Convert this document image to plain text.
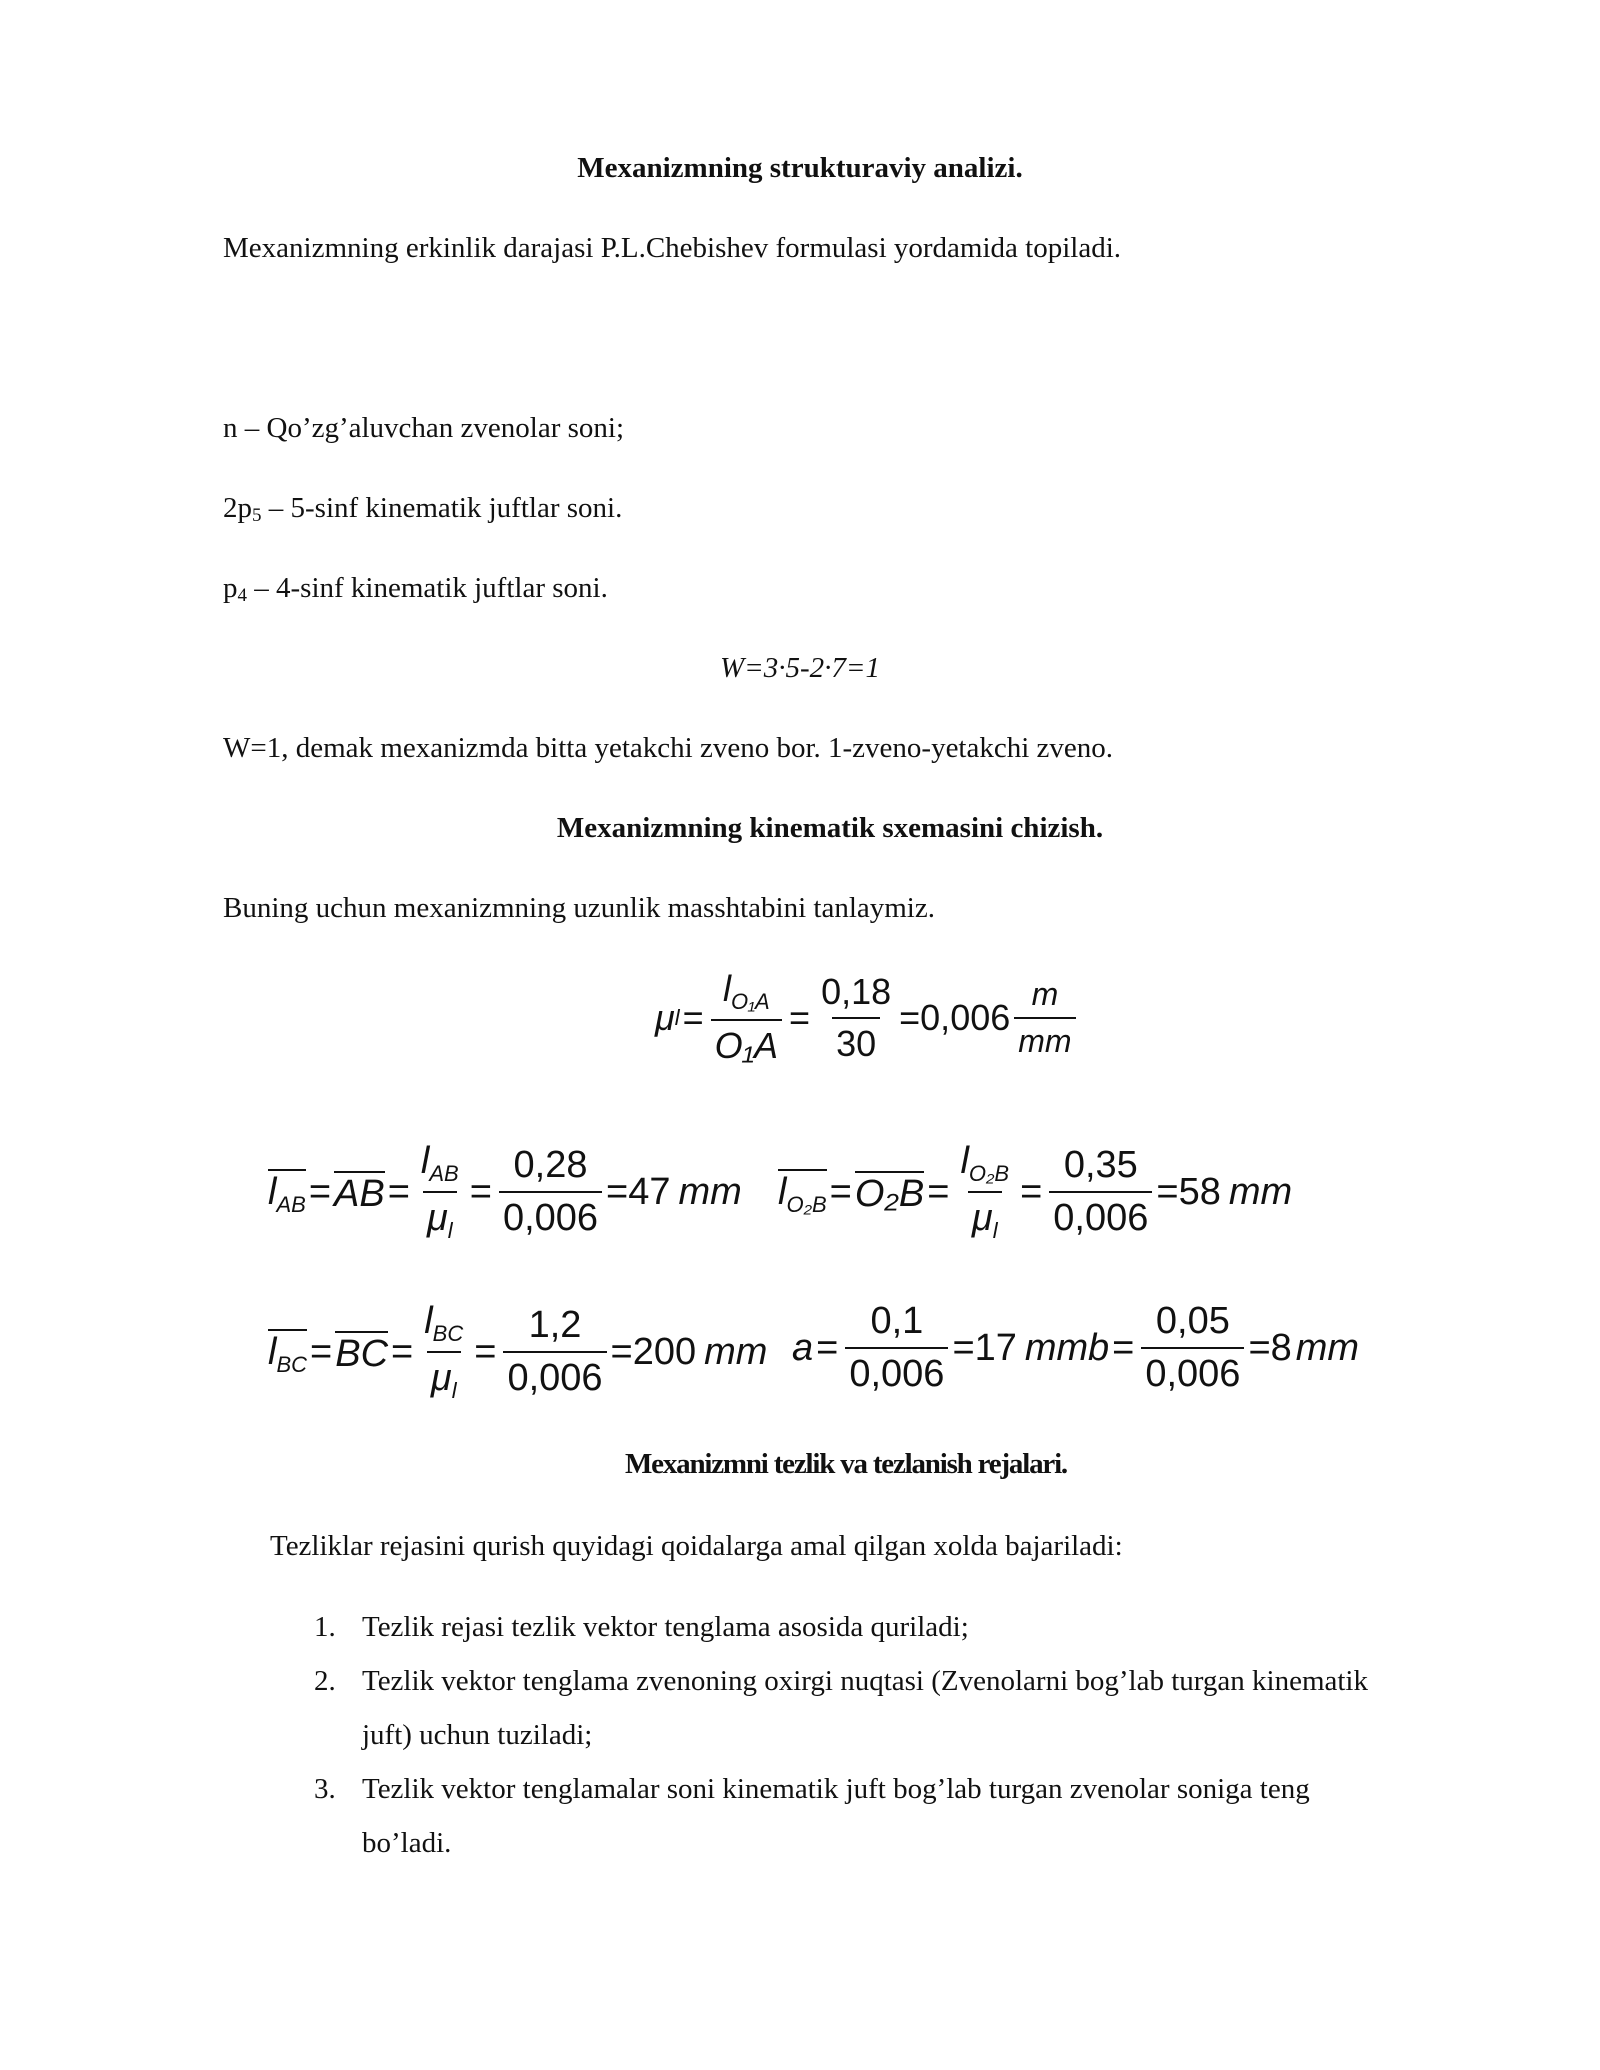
Mexanizmning strukturaviy analizi.
Mexanizmning erkinlik darajasi P.L.Chebishev formulasi yordamida topiladi.
n – Qo’zg’aluvchan zvenolar soni;
$2p_5 - 5-\sin f$ kinematik juftlar soni.
$p_4 - 4-\sin f$ kinematik juftlar soni.
W=3·5-2·7=1
W=1, demak mexanizmda bitta yetakchi zveno bor. 1-zveno-yetakchi zveno.
Mexanizmning kinematik sxemasini chizish.
Buning uchun mexanizmning uzunlik masshtabini tanlaymiz.
μ $l = \frac{l_{O_1A}}{\text{O₁A}} = \frac{0,18}{30} =0,006 \frac{m}{mm}$
$l_{AB}$ = AB = $\frac{l_{AB}}{\mu_l} = \frac{0,28}{0,006} =47$ mm $l_{O_2B} = O_2B = \frac{l_{O_2B}}{\mu_l} = \frac{0,35}{0,006} =58$ mm
$l_{BC}$ = BC = $\frac{l_{BC}}{\mu_l} = \frac{1,2}{0,006} =200$ mm $a = \frac{0,1}{0,006} =17$ mm $b = \frac{0,05}{0,006} =8$ mm
Mexanizmni tezlik va tezlanish rejalari.
Tezliklar rejasini qurish quyidagi qoidalarga amal qilgan xolda bajariladi:
1. Tezlik rejasi tezlik vektor tenglama asosida quriladi;
2. Tezlik vektor tenglama zvenoning oxirgi nuqtasi (Zvenolarni bog’lab turgan kinematik
juft) uchun tuziladi;
3. Tezlik vektor tenglamalar soni kinematik juft bog’lab turgan zvenolar soniga teng
bo’ladi.
